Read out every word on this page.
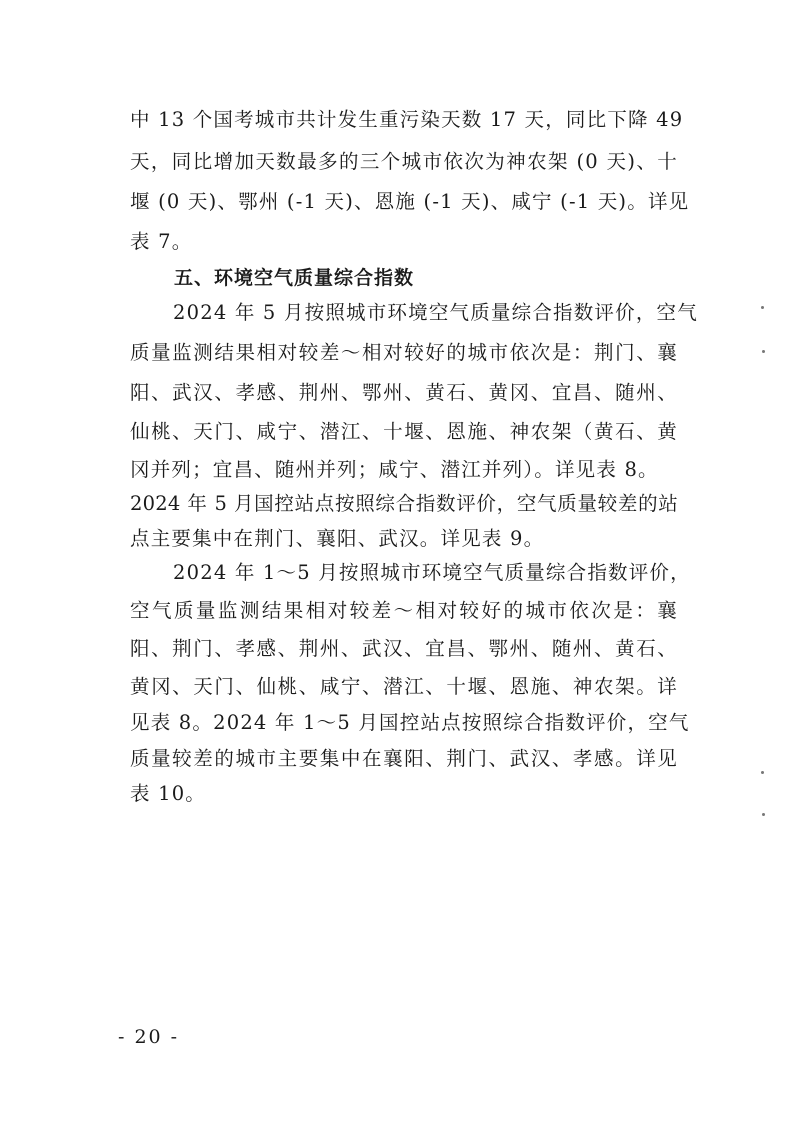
中 13 个国考城市共计发生重污染天数 17 天，同比下降 49
天，同比增加天数最多的三个城市依次为神农架 (0 天)、十
堰 (0 天)、鄂州 (-1 天)、恩施 (-1 天)、咸宁 (-1 天)。详见
表 7。
五、环境空气质量综合指数
2024 年 5 月按照城市环境空气质量综合指数评价，空气
质量监测结果相对较差～相对较好的城市依次是：荆门、襄
阳、武汉、孝感、荆州、鄂州、黄石、黄冈、宜昌、随州、
仙桃、天门、咸宁、潜江、十堰、恩施、神农架（黄石、黄
冈并列；宜昌、随州并列；咸宁、潜江并列）。详见表 8。
2024 年 5 月国控站点按照综合指数评价，空气质量较差的站
点主要集中在荆门、襄阳、武汉。详见表 9。
2024 年 1～5 月按照城市环境空气质量综合指数评价，
空气质量监测结果相对较差～相对较好的城市依次是：襄
阳、荆门、孝感、荆州、武汉、宜昌、鄂州、随州、黄石、
黄冈、天门、仙桃、咸宁、潜江、十堰、恩施、神农架。详
见表 8。2024 年 1～5 月国控站点按照综合指数评价，空气
质量较差的城市主要集中在襄阳、荆门、武汉、孝感。详见
表 10。
- 20 -
